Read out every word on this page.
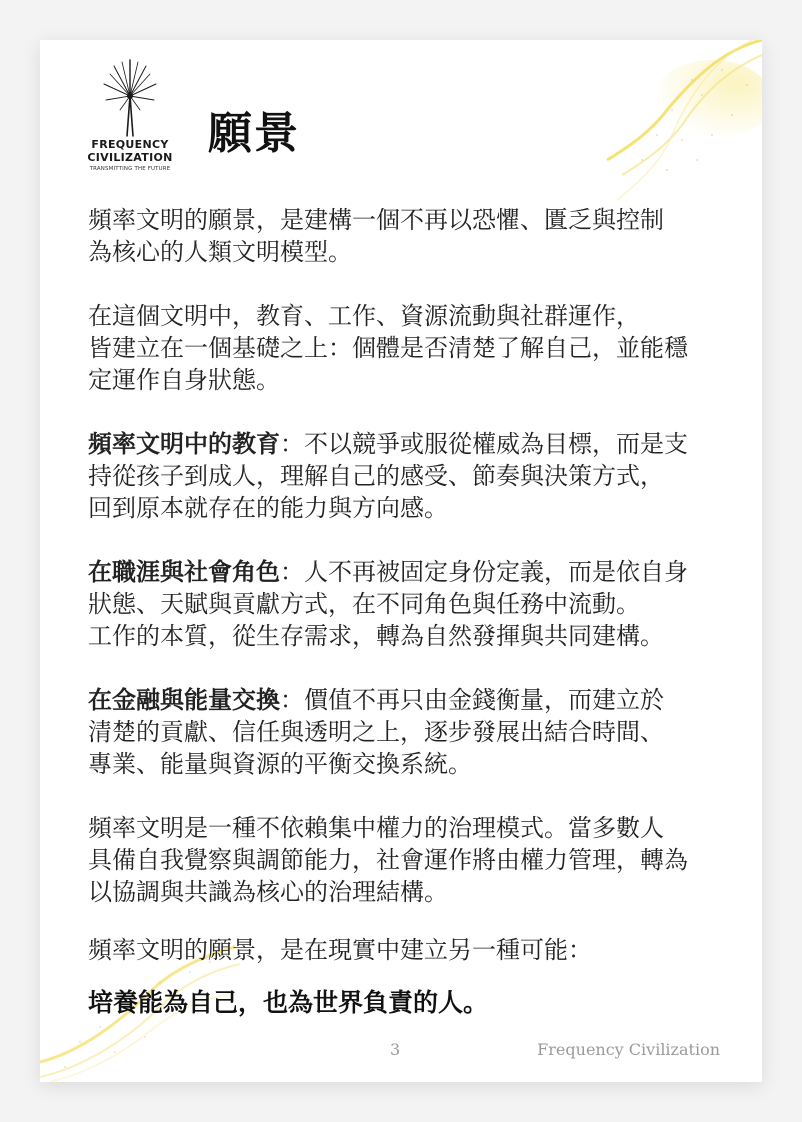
FREQUENCY
CIVILIZATION
TRANSMITTING THE FUTURE
願景

頻率文明的願景，是建構一個不再以恐懼、匱乏與控制
為核心的人類文明模型。

在這個文明中，教育、工作、資源流動與社群運作，
皆建立在一個基礎之上：個體是否清楚了解自己，並能穩
定運作自身狀態。

頻率文明中的教育：不以競爭或服從權威為目標，而是支
持從孩子到成人，理解自己的感受、節奏與決策方式，
回到原本就存在的能力與方向感。

在職涯與社會角色：人不再被固定身份定義，而是依自身
狀態、天賦與貢獻方式，在不同角色與任務中流動。
工作的本質，從生存需求，轉為自然發揮與共同建構。

在金融與能量交換：價值不再只由金錢衡量，而建立於
清楚的貢獻、信任與透明之上，逐步發展出結合時間、
專業、能量與資源的平衡交換系統。

頻率文明是一種不依賴集中權力的治理模式。當多數人
具備自我覺察與調節能力，社會運作將由權力管理，轉為
以協調與共識為核心的治理結構。

頻率文明的願景，是在現實中建立另一種可能：

培養能為自己，也為世界負責的人。

3	Frequency Civilization
